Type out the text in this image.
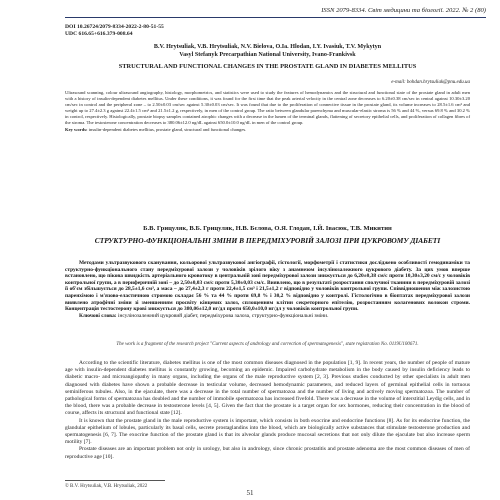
ISSN 2079-8334. Світ медицини та біології. 2022. № 2 (80)
DOI 10.26724/2079-8334-2022-2-80-51-55
UDC 616.65+616.379-008.64
B.V. Hrytsuliak, V.B. Hrytsuliak, N.V. Bielova, O.Ia. Hlodan, I.Y. Ivasiuk, T.V. Mykytyn
Vasyl Stefanyk Precarpathian National University, Ivano-Frankivsk
STRUCTURAL AND FUNCTIONAL CHANGES IN THE PROSTATE GLAND IN DIABETES MELLITUS
e-mail: bohdan.hrytsuliak@pnu.edu.ua
Ultrasound scanning, colour ultrasound angiography, histology, morphometrics, and statistics were used to study the features of hemodynamics and the structural and functional state of the prostate gland in adult men with a history of insulin-dependent diabetes mellitus. Under these conditions, it was found for the first time that the peak arterial velocity in the central zone decreases to 6.20±0.38 cm/sec in central against 10.30±3.20 cm/sec in control and the peripheral zone – to 2.50±0.03 cm/sec against 5.30±0.03 cm/sec. It was found that due to the proliferation of connective tissue in the prostate gland, its volume increases to 28.5±1.6 cm³ and weight up to 27.4±2.3 g against 22.4±1.5 cm³ and 21.5±1.2 g, respectively, in men of the control group. The ratio between glandular parenchyma and muscular-elastic stroma is 56 % and 44 %, versus 69.8 % and 30.2 % in control, respectively. Histologically, prostate biopsy samples contained atrophic changes with a decrease in the lumen of the terminal glands, flattening of secretory epithelial cells, and proliferation of collagen fibres of the stroma. The testosterone concentration decreases to 380.06±12.0 ng/dL against 650.0±10.0 ng/dL in men of the control group.
Key words: insulin-dependent diabetes mellitus, prostate gland, structural and functional changes.
Б.В. Грицуляк, В.Б. Грицуляк, Н.В. Бєлова, О.Я. Глодан, І.Й. Івасюк, Т.В. Микитин
СТРУКТУРНО-ФУНКЦІОНАЛЬНІ ЗМІНИ В ПЕРЕДМІХУРОВІЙ ЗАЛОЗІ ПРИ ЦУКРОВОМУ ДІАБЕТІ

Методами ультразвукового сканування, кольорової ультразвукової ангіографії, гістології, морфометрії і статистики досліджено особливості гемодинаміки та структурно-функціонального стану передміхурової залози у чоловіків зрілого віку з анамнезом інсулінозалежного цукрового діабету. За цих умов вперше встановлено, що пікова швидкість артеріального кровотоку в центральній зоні передміхурової залози знижується до 6,20±0,38 см/с проти 10,30±3,20 см/с у чоловіків контрольної групи, а в периферичній зоні – до 2,50±0,03 см/с проти 5,30±0,03 см/с. Виявлено, що в результаті розростання сполучної тканини в передміхуровій залозі її об'єм збільшується до 28,5±1,6 см³, а маса – до 27,4±2,3 г проти 22,4±1,5 см³ і 21,5±1,2 г відповідно у чоловіків контрольної групи. Співвідношення між залозистою паренхімою і м'язово-еластичною стромою складає 56 % та 44 % проти 69,8 % і 30,2 % відповідно у контролі. Гістологічно в біоптатах передміхурової залози виявлено атрофічні зміни зі зменшенням просвіту кінцевих залоз, сплощенням клітин секреторного епітелію, розростанням колагенових волокон строми. Концентрація тестостерону крові знижується до 380,06±12,0 нг/дл проти 650,0±10,0 нг/дл у чоловіків контрольної групи.

Ключові слова: інсулінозалежний цукровий діабет, передміхурова залоза, структурно-функціональні зміни.

The work is a fragment of the research project "Current aspects of andrology and correction of spermatogenesis", state registration No. 0119U100671.

According to the scientific literature, diabetes mellitus is one of the most common diseases diagnosed in the population [1, 9]. In recent years, the number of people of mature age with insulin-dependent diabetes mellitus is constantly growing, becoming an epidemic. Impaired carbohydrate metabolism in the body caused by insulin deficiency leads to diabetic macro- and microangiopathy in many organs, including the organs of the male reproductive system [2, 3]. Previous studies conducted by other specialists in adult men diagnosed with diabetes have shown a probable decrease in testicular volume, decreased hemodynamic parameters, and reduced layers of germinal epithelial cells in tortuous seminiferous tubules. Also, in the ejaculate, there was a decrease in the total number of spermatozoa and the number of living and actively moving spermatozoa. The number of pathological forms of spermatozoa has doubled and the number of immobile spermatozoa has increased fivefold. There was a decrease in the volume of interstitial Leydig cells, and in the blood, there was a probable decrease in testosterone levels [4, 5]. Given the fact that the prostate is a target organ for sex hormones, reducing their concentration in the blood of course, affects its structural and functional state [12].

It is known that the prostate gland in the male reproductive system is important, which consists in both exocrine and endocrine functions [8]. As for its endocrine function, the glandular epithelium of lobules, particularly its basal cells, secrete prostaglandins into the blood, which are biologically active substances that stimulate testosterone production and spermatogenesis [6, 7]. The exocrine function of the prostate gland is that its alveolar glands produce mucosal secretions that not only dilute the ejaculate but also increase sperm motility [7].

Prostate diseases are an important problem not only in urology, but also in andrology, since chronic prostatitis and prostate adenoma are the most common diseases of men of reproductive age [10].

© B.V. Hrytsuliak, V.B. Hrytsuliak, 2022
51
